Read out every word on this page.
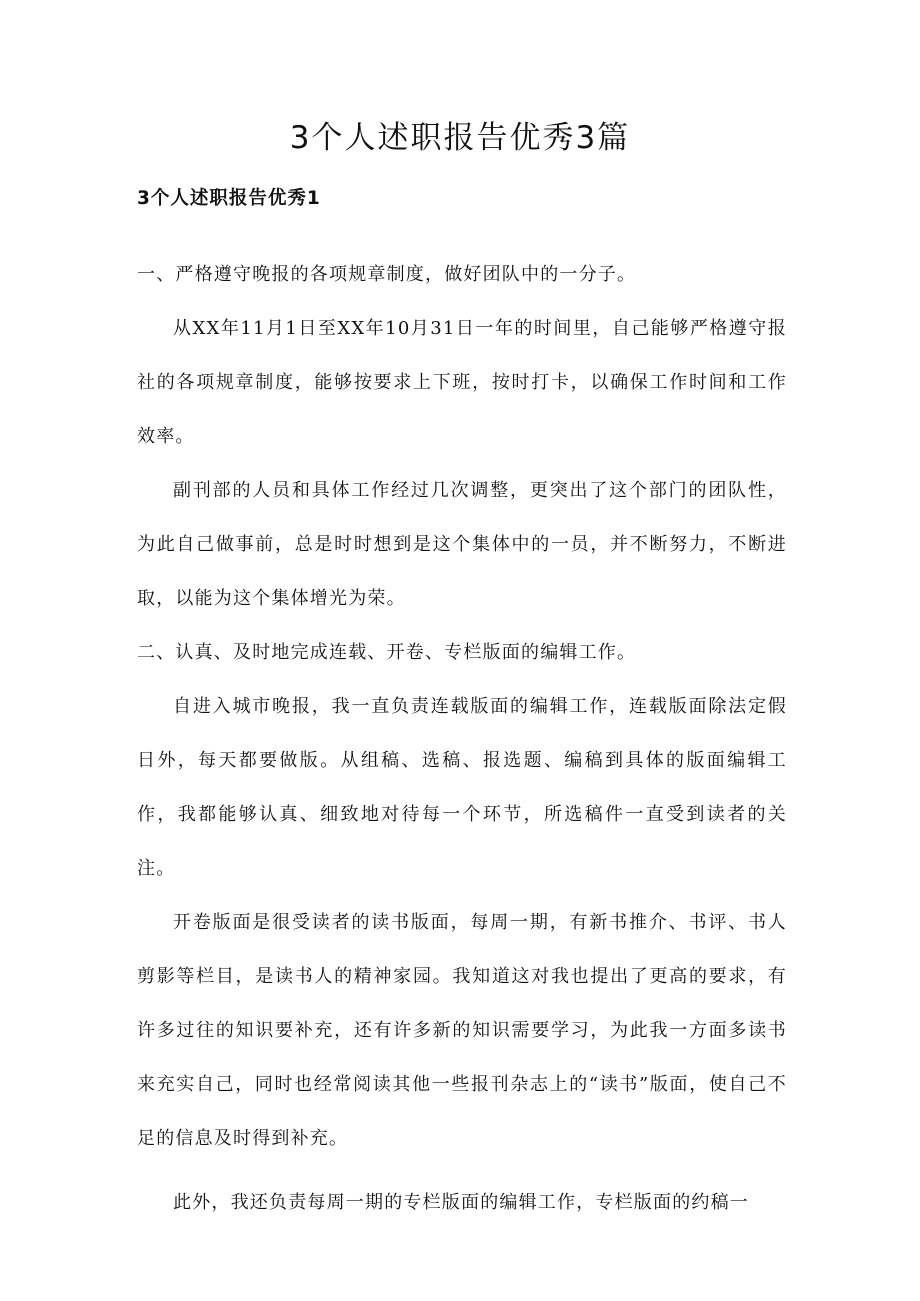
3个人述职报告优秀3篇
3个人述职报告优秀1

一、严格遵守晚报的各项规章制度，做好团队中的一分子。

从XX年11月1日至XX年10月31日一年的时间里，自己能够严格遵守报社的各项规章制度，能够按要求上下班，按时打卡，以确保工作时间和工作效率。

副刊部的人员和具体工作经过几次调整，更突出了这个部门的团队性，为此自己做事前，总是时时想到是这个集体中的一员，并不断努力，不断进取，以能为这个集体增光为荣。

二、认真、及时地完成连载、开卷、专栏版面的编辑工作。

自进入城市晚报，我一直负责连载版面的编辑工作，连载版面除法定假日外，每天都要做版。从组稿、选稿、报选题、编稿到具体的版面编辑工作，我都能够认真、细致地对待每一个环节，所选稿件一直受到读者的关注。

开卷版面是很受读者的读书版面，每周一期，有新书推介、书评、书人剪影等栏目，是读书人的精神家园。我知道这对我也提出了更高的要求，有许多过往的知识要补充，还有许多新的知识需要学习，为此我一方面多读书来充实自己，同时也经常阅读其他一些报刊杂志上的“读书”版面，使自己不足的信息及时得到补充。

此外，我还负责每周一期的专栏版面的编辑工作，专栏版面的约稿一
